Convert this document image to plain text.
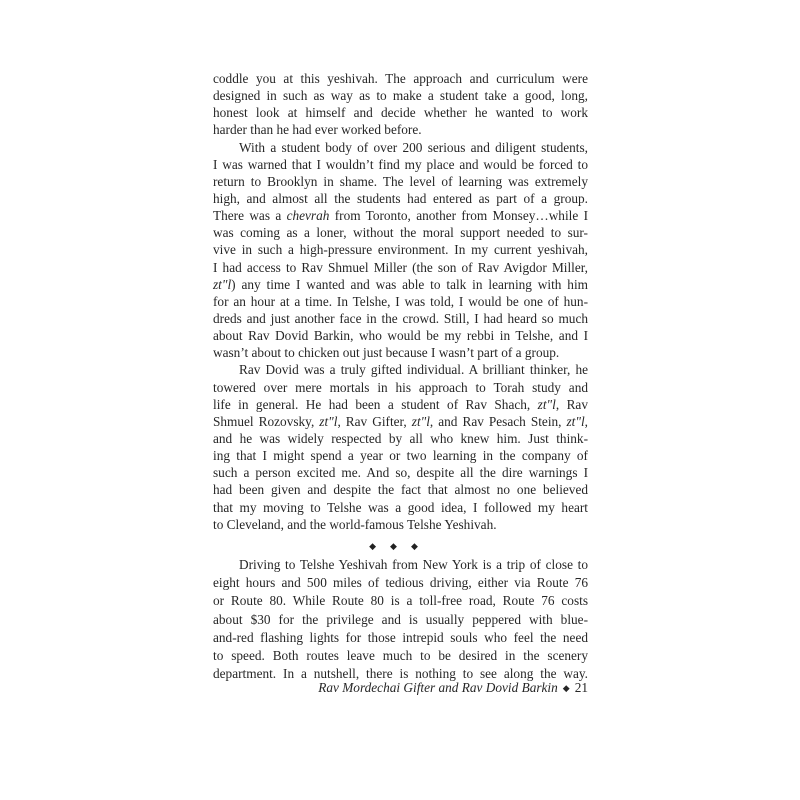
coddle you at this yeshivah. The approach and curriculum were
designed in such as way as to make a student take a good, long,
honest look at himself and decide whether he wanted to work
harder than he had ever worked before.
With a student body of over 200 serious and diligent students,
I was warned that I wouldn’t find my place and would be forced to
return to Brooklyn in shame. The level of learning was extremely
high, and almost all the students had entered as part of a group.
There was a chevrah from Toronto, another from Monsey…while I
was coming as a loner, without the moral support needed to sur-
vive in such a high-pressure environment. In my current yeshivah,
I had access to Rav Shmuel Miller (the son of Rav Avigdor Miller,
zt"l) any time I wanted and was able to talk in learning with him
for an hour at a time. In Telshe, I was told, I would be one of hun-
dreds and just another face in the crowd. Still, I had heard so much
about Rav Dovid Barkin, who would be my rebbi in Telshe, and I
wasn’t about to chicken out just because I wasn’t part of a group.
Rav Dovid was a truly gifted individual. A brilliant thinker, he
towered over mere mortals in his approach to Torah study and
life in general. He had been a student of Rav Shach, zt"l, Rav
Shmuel Rozovsky, zt"l, Rav Gifter, zt"l, and Rav Pesach Stein, zt"l,
and he was widely respected by all who knew him. Just think-
ing that I might spend a year or two learning in the company of
such a person excited me. And so, despite all the dire warnings I
had been given and despite the fact that almost no one believed
that my moving to Telshe was a good idea, I followed my heart
to Cleveland, and the world-famous Telshe Yeshivah.
◆◆◆
Driving to Telshe Yeshivah from New York is a trip of close to
eight hours and 500 miles of tedious driving, either via Route 76
or Route 80. While Route 80 is a toll-free road, Route 76 costs
about $30 for the privilege and is usually peppered with blue-
and-red flashing lights for those intrepid souls who feel the need
to speed. Both routes leave much to be desired in the scenery
department. In a nutshell, there is nothing to see along the way.
Rav Mordechai Gifter and Rav Dovid Barkin ◆ 21
